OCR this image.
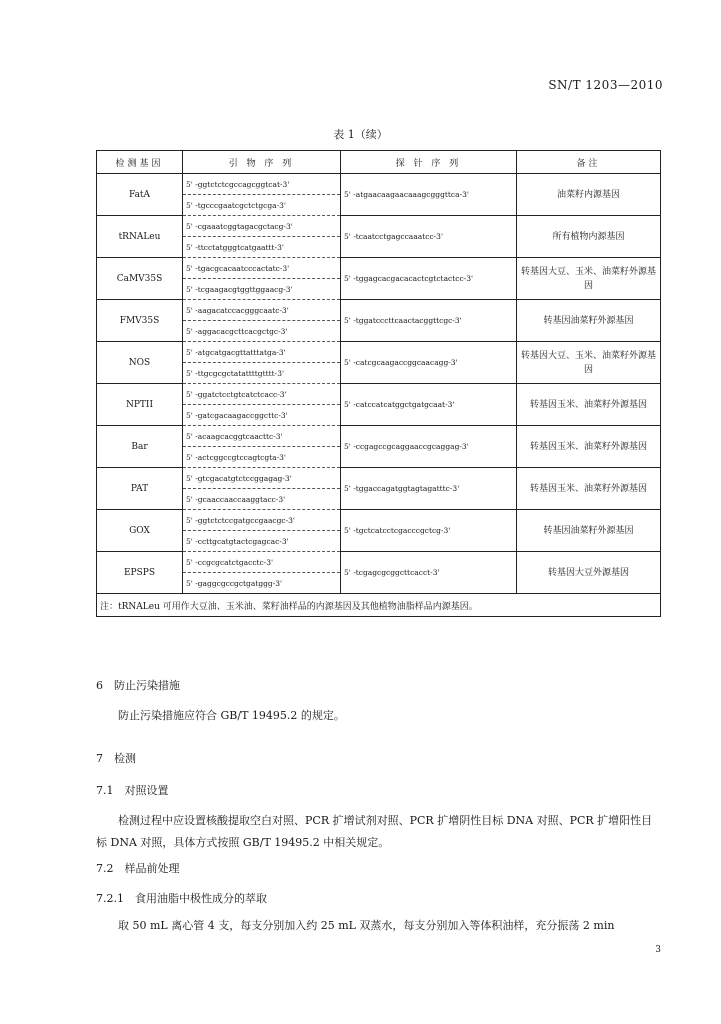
SN/T 1203—2010
表 1（续）
检测基因	引 物 序 列	探 针 序 列	备注
FatA	5' -ggtctctcgccagcggtcat-3'	5' -atgaacaagaacaaagcgggttca-3'	油菜籽内源基因
	5' -tgcccgaatcgctctgcga-3'		
tRNALeu	5' -cgaaatcggtagacgctacg-3'	5' -tcaatcctgagccaaatcc-3'	所有植物内源基因
	5' -ttcctatgggtcatgaattt-3'		
CaMV35S	5' -tgacgcacaatcccactatc-3'	5' -tggagcacgacacactcgtctactcc-3'	转基因大豆、玉米、油菜籽外源基因
	5' -tcgaagacgtggttggaacg-3'		
FMV35S	5' -aagacatccacgggcaatc-3'	5' -tggatcccttcaactacggttcgc-3'	转基因油菜籽外源基因
	5' -aggacacgcttcacgctgc-3'		
NOS	5' -atgcatgacgttatttatga-3'	5' -catcgcaagaccggcaacagg-3'	转基因大豆、玉米、油菜籽外源基因
	5' -ttgcgcgctatattttgtttt-3'		
NPTII	5' -ggatctcctgtcatctcacc-3'	5' -catccatcatggctgatgcaat-3'	转基因玉米、油菜籽外源基因
	5' -gatcgacaagaccggcttc-3'		
Bar	5' -acaagcacggtcaacttc-3'	5' -ccgagccgcaggaaccgcaggag-3'	转基因玉米、油菜籽外源基因
	5' -actcggccgtccagtcgta-3'		
PAT	5' -gtcgacatgtctccggagag-3'	5' -tggaccagatggtagtagatttc-3'	转基因玉米、油菜籽外源基因
	5' -gcaaccaaccaaggtacc-3'		
GOX	5' -ggtctctccgatgccgaacgc-3'	5' -tgctcatcctcgacccgctcg-3'	转基因油菜籽外源基因
	5' -ccttgcatgtactcgagcac-3'		
EPSPS	5' -ccgcgcatctgacctc-3'	5' -tcgagcgcggcttcacct-3'	转基因大豆外源基因
	5' -gaggcgccgctgatggg-3'		
注：tRNALeu 可用作大豆油、玉米油、菜籽油样品的内源基因及其他植物油脂样品内源基因。			
6　防止污染措施
防止污染措施应符合 GB/T 19495.2 的规定。
7　检测
7.1　对照设置
检测过程中应设置核酸提取空白对照、PCR 扩增试剂对照、PCR 扩增阴性目标 DNA 对照、PCR 扩增阳性目标 DNA 对照，具体方式按照 GB/T 19495.2 中相关规定。
7.2　样品前处理
7.2.1　食用油脂中极性成分的萃取
取 50 mL 离心管 4 支，每支分别加入约 25 mL 双蒸水，每支分别加入等体积油样，充分振荡 2 min
3
